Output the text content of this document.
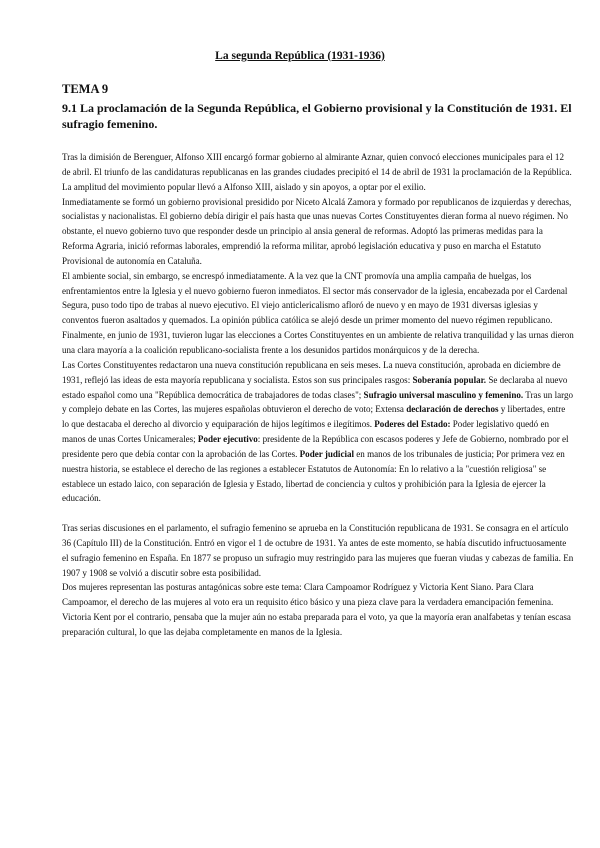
La segunda República (1931-1936)
TEMA 9
9.1 La proclamación de la Segunda República, el Gobierno provisional y la Constitución de 1931. El sufragio femenino.

Tras la dimisión de Berenguer, Alfonso XIII encargó formar gobierno al almirante Aznar, quien convocó elecciones municipales para el 12 de abril. El triunfo de las candidaturas republicanas en las grandes ciudades precipitó el 14 de abril de 1931 la proclamación de la República. La amplitud del movimiento popular llevó a Alfonso XIII, aislado y sin apoyos, a optar por el exilio.

Inmediatamente se formó un gobierno provisional presidido por Niceto Alcalá Zamora y formado por republicanos de izquierdas y derechas, socialistas y nacionalistas. El gobierno debía dirigir el país hasta que unas nuevas Cortes Constituyentes dieran forma al nuevo régimen. No obstante, el nuevo gobierno tuvo que responder desde un principio al ansia general de reformas. Adoptó las primeras medidas para la Reforma Agraria, inició reformas laborales, emprendió la reforma militar, aprobó legislación educativa y puso en marcha el Estatuto Provisional de autonomía en Cataluña.

El ambiente social, sin embargo, se encrespó inmediatamente. A la vez que la CNT promovía una amplia campaña de huelgas, los enfrentamientos entre la Iglesia y el nuevo gobierno fueron inmediatos. El sector más conservador de la iglesia, encabezada por el Cardenal Segura, puso todo tipo de trabas al nuevo ejecutivo. El viejo anticlericalismo afloró de nuevo y en mayo de 1931 diversas iglesias y conventos fueron asaltados y quemados. La opinión pública católica se alejó desde un primer momento del nuevo régimen republicano. Finalmente, en junio de 1931, tuvieron lugar las elecciones a Cortes Constituyentes en un ambiente de relativa tranquilidad y las urnas dieron una clara mayoría a la coalición republicano-socialista frente a los desunidos partidos monárquicos y de la derecha.

Las Cortes Constituyentes redactaron una nueva constitución republicana en seis meses. La nueva constitución, aprobada en diciembre de 1931, reflejó las ideas de esta mayoría republicana y socialista. Estos son sus principales rasgos: Soberanía popular. Se declaraba al nuevo estado español como una "República democrática de trabajadores de todas clases"; Sufragio universal masculino y femenino. Tras un largo y complejo debate en las Cortes, las mujeres españolas obtuvieron el derecho de voto; Extensa declaración de derechos y libertades, entre lo que destacaba el derecho al divorcio y equiparación de hijos legítimos e ilegítimos. Poderes del Estado: Poder legislativo quedó en manos de unas Cortes Unicamerales; Poder ejecutivo: presidente de la República con escasos poderes y Jefe de Gobierno, nombrado por el presidente pero que debía contar con la aprobación de las Cortes. Poder judicial en manos de los tribunales de justicia; Por primera vez en nuestra historia, se establece el derecho de las regiones a establecer Estatutos de Autonomía: En lo relativo a la "cuestión religiosa" se establece un estado laico, con separación de Iglesia y Estado, libertad de conciencia y cultos y prohibición para la Iglesia de ejercer la educación.

Tras serias discusiones en el parlamento, el sufragio femenino se aprueba en la Constitución republicana de 1931. Se consagra en el artículo 36 (Capítulo III) de la Constitución. Entró en vigor el 1 de octubre de 1931. Ya antes de este momento, se había discutido infructuosamente el sufragio femenino en España. En 1877 se propuso un sufragio muy restringido para las mujeres que fueran viudas y cabezas de familia. En 1907 y 1908 se volvió a discutir sobre esta posibilidad.

Dos mujeres representan las posturas antagónicas sobre este tema: Clara Campoamor Rodríguez y Victoria Kent Siano. Para Clara Campoamor, el derecho de las mujeres al voto era un requisito ético básico y una pieza clave para la verdadera emancipación femenina. Victoria Kent por el contrario, pensaba que la mujer aún no estaba preparada para el voto, ya que la mayoría eran analfabetas y tenían escasa preparación cultural, lo que las dejaba completamente en manos de la Iglesia.
